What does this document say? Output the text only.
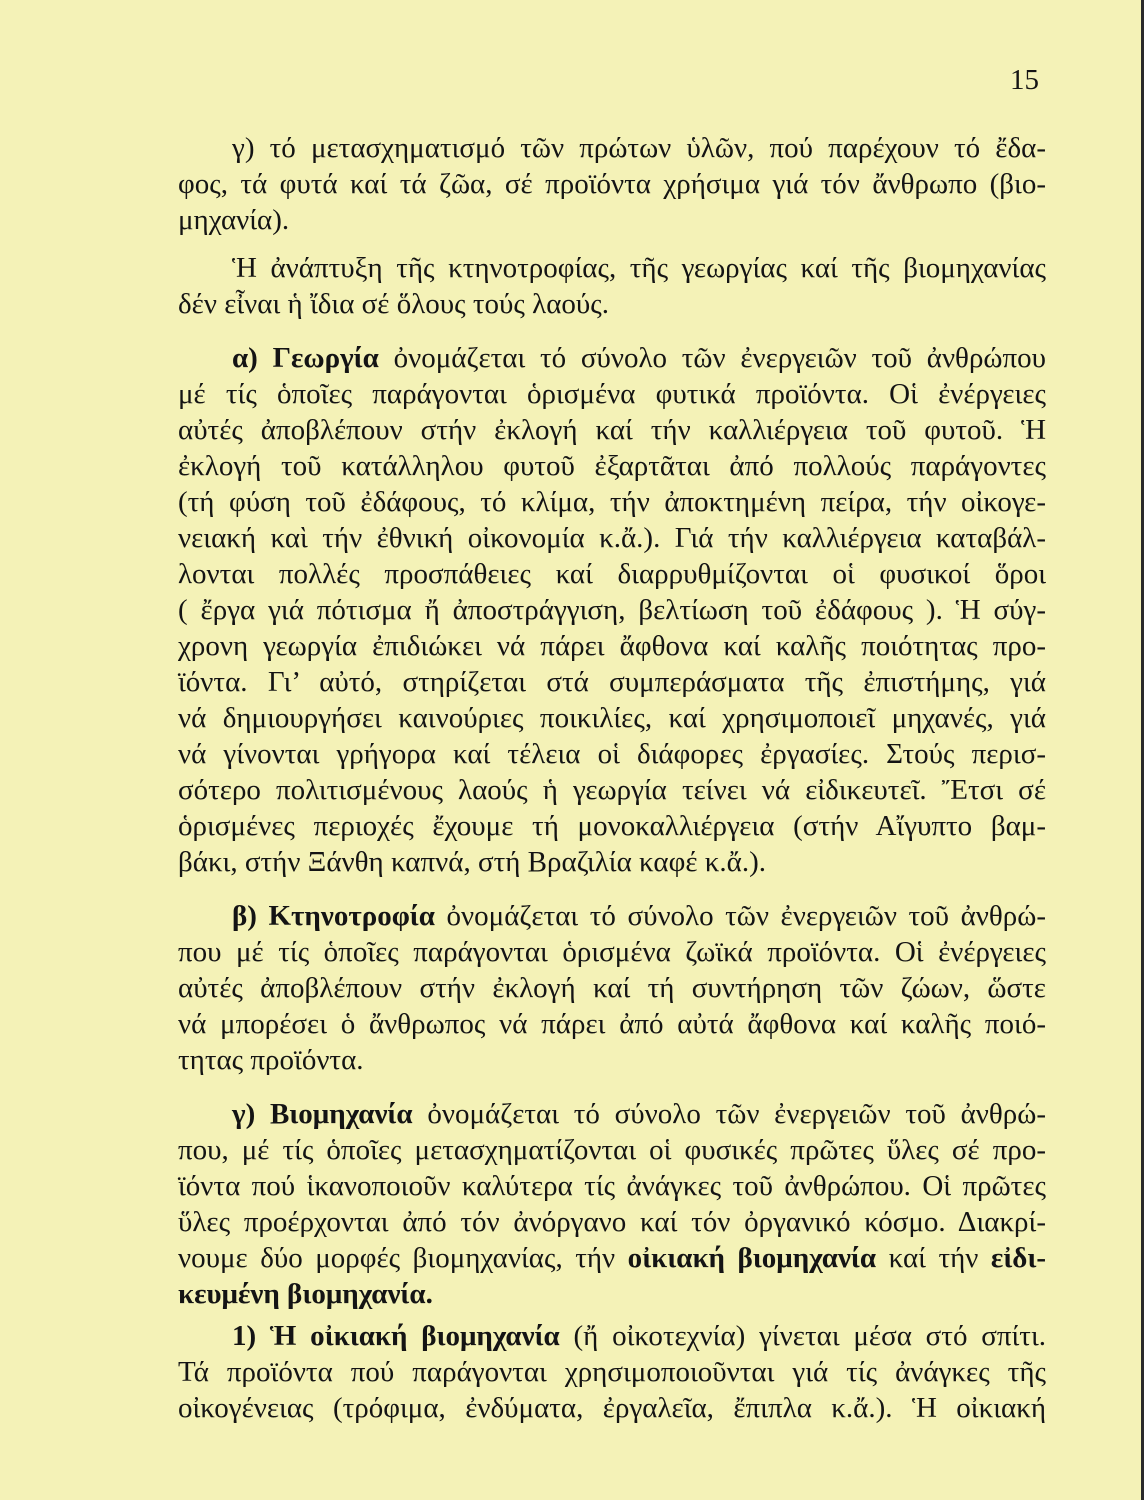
15
γ) τό μετασχηματισμό τῶν πρώτων ὑλῶν, πού παρέχουν τό ἔδα-
φος, τά φυτά καί τά ζῶα, σέ προϊόντα χρήσιμα γιά τόν ἄνθρωπο (βιο-
μηχανία).
Ἡ ἀνάπτυξη τῆς κτηνοτροφίας, τῆς γεωργίας καί τῆς βιομηχανίας
δέν εἶναι ἡ ἴδια σέ ὅλους τούς λαούς.
α) Γεωργία ὀνομάζεται τό σύνολο τῶν ἐνεργειῶν τοῦ ἀνθρώπου
μέ τίς ὁποῖες παράγονται ὁρισμένα φυτικά προϊόντα. Οἱ ἐνέργειες
αὐτές ἀποβλέπουν στήν ἐκλογή καί τήν καλλιέργεια τοῦ φυτοῦ. Ἡ
ἐκλογή τοῦ κατάλληλου φυτοῦ ἐξαρτᾶται ἀπό πολλούς παράγοντες
(τή φύση τοῦ ἐδάφους, τό κλίμα, τήν ἀποκτημένη πείρα, τήν οἰκογε-
νειακή καὶ τήν ἐθνική οἰκονομία κ.ἄ.). Γιά τήν καλλιέργεια καταβάλ-
λονται πολλές προσπάθειες καί διαρρυθμίζονται οἱ φυσικοί ὅροι
( ἔργα γιά πότισμα ἤ ἀποστράγγιση, βελτίωση τοῦ ἐδάφους ). Ἡ σύγ-
χρονη γεωργία ἐπιδιώκει νά πάρει ἄφθονα καί καλῆς ποιότητας προ-
ϊόντα. Γι’ αὐτό, στηρίζεται στά συμπεράσματα τῆς ἐπιστήμης, γιά
νά δημιουργήσει καινούριες ποικιλίες, καί χρησιμοποιεῖ μηχανές, γιά
νά γίνονται γρήγορα καί τέλεια οἱ διάφορες ἐργασίες. Στούς περισ-
σότερο πολιτισμένους λαούς ἡ γεωργία τείνει νά εἰδικευτεῖ. Ἔτσι σέ
ὁρισμένες περιοχές ἔχουμε τή μονοκαλλιέργεια (στήν Αἴγυπτο βαμ-
βάκι, στήν Ξάνθη καπνά, στή Βραζιλία καφέ κ.ἄ.).
β) Κτηνοτροφία ὀνομάζεται τό σύνολο τῶν ἐνεργειῶν τοῦ ἀνθρώ-
που μέ τίς ὁποῖες παράγονται ὁρισμένα ζωϊκά προϊόντα. Οἱ ἐνέργειες
αὐτές ἀποβλέπουν στήν ἐκλογή καί τή συντήρηση τῶν ζώων, ὥστε
νά μπορέσει ὁ ἄνθρωπος νά πάρει ἀπό αὐτά ἄφθονα καί καλῆς ποιό-
τητας προϊόντα.
γ) Βιομηχανία ὀνομάζεται τό σύνολο τῶν ἐνεργειῶν τοῦ ἀνθρώ-
που, μέ τίς ὁποῖες μετασχηματίζονται οἱ φυσικές πρῶτες ὕλες σέ προ-
ϊόντα πού ἱκανοποιοῦν καλύτερα τίς ἀνάγκες τοῦ ἀνθρώπου. Οἱ πρῶτες
ὕλες προέρχονται ἀπό τόν ἀνόργανο καί τόν ὀργανικό κόσμο. Διακρί-
νουμε δύο μορφές βιομηχανίας, τήν οἰκιακή βιομηχανία καί τήν εἰδι-
κευμένη βιομηχανία.
1) Ἡ οἰκιακή βιομηχανία (ἤ οἰκοτεχνία) γίνεται μέσα στό σπίτι.
Τά προϊόντα πού παράγονται χρησιμοποιοῦνται γιά τίς ἀνάγκες τῆς
οἰκογένειας (τρόφιμα, ἐνδύματα, ἐργαλεῖα, ἔπιπλα κ.ἄ.). Ἡ οἰκιακή
